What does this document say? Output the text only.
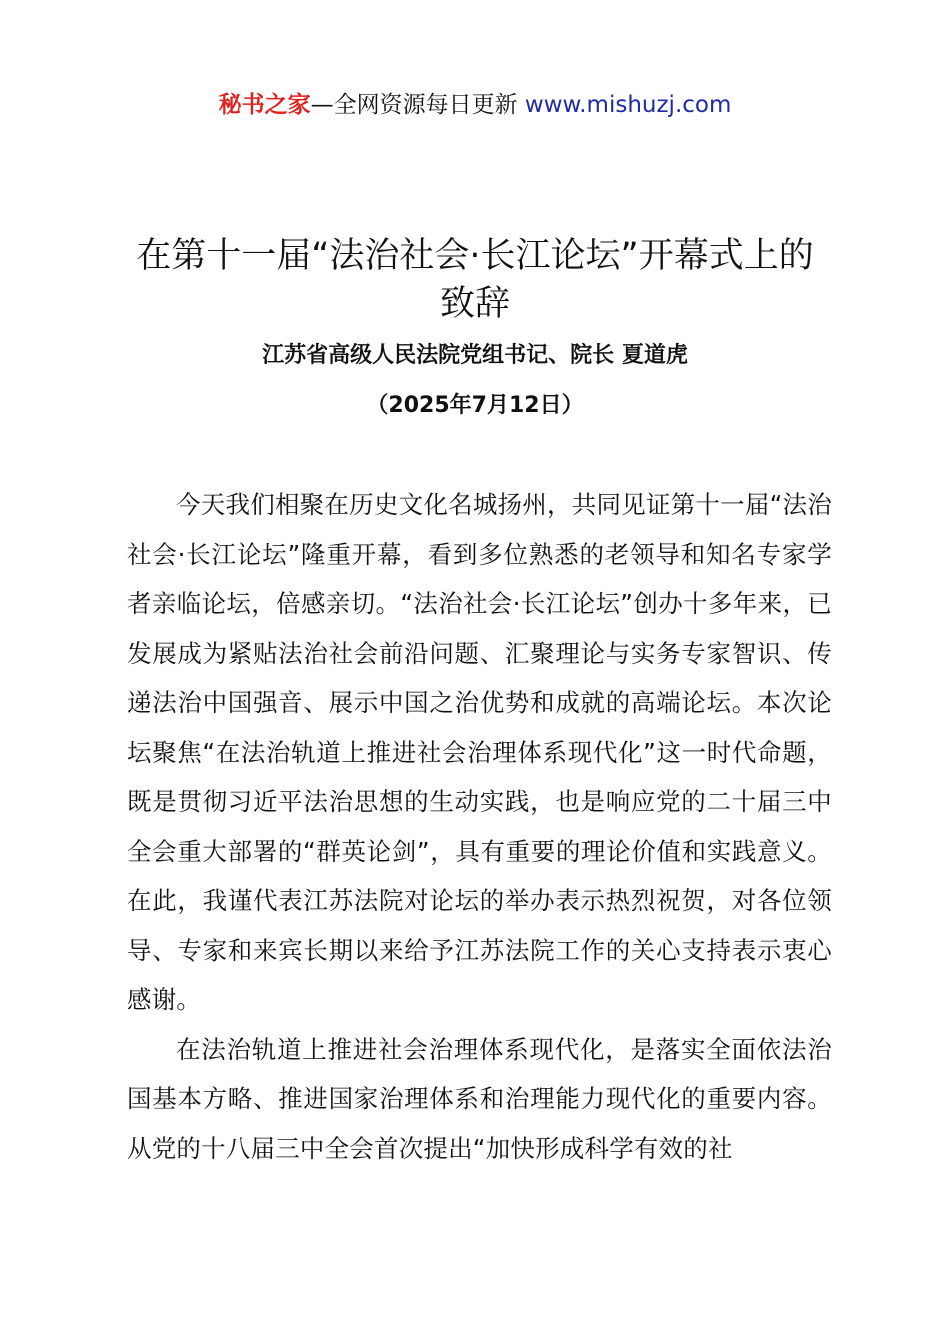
秘书之家—全网资源每日更新 www.mishuzj.com
在第十一届“法治社会·长江论坛”开幕式上的致辞
江苏省高级人民法院党组书记、院长 夏道虎
（2025年7月12日）

今天我们相聚在历史文化名城扬州，共同见证第十一届“法治社会·长江论坛”隆重开幕，看到多位熟悉的老领导和知名专家学者亲临论坛，倍感亲切。“法治社会·长江论坛”创办十多年来，已发展成为紧贴法治社会前沿问题、汇聚理论与实务专家智识、传递法治中国强音、展示中国之治优势和成就的高端论坛。本次论坛聚焦“在法治轨道上推进社会治理体系现代化”这一时代命题，既是贯彻习近平法治思想的生动实践，也是响应党的二十届三中全会重大部署的“群英论剑”，具有重要的理论价值和实践意义。在此，我谨代表江苏法院对论坛的举办表示热烈祝贺，对各位领导、专家和来宾长期以来给予江苏法院工作的关心支持表示衷心感谢。

在法治轨道上推进社会治理体系现代化，是落实全面依法治国基本方略、推进国家治理体系和治理能力现代化的重要内容。从党的十八届三中全会首次提出“加快形成科学有效的社
